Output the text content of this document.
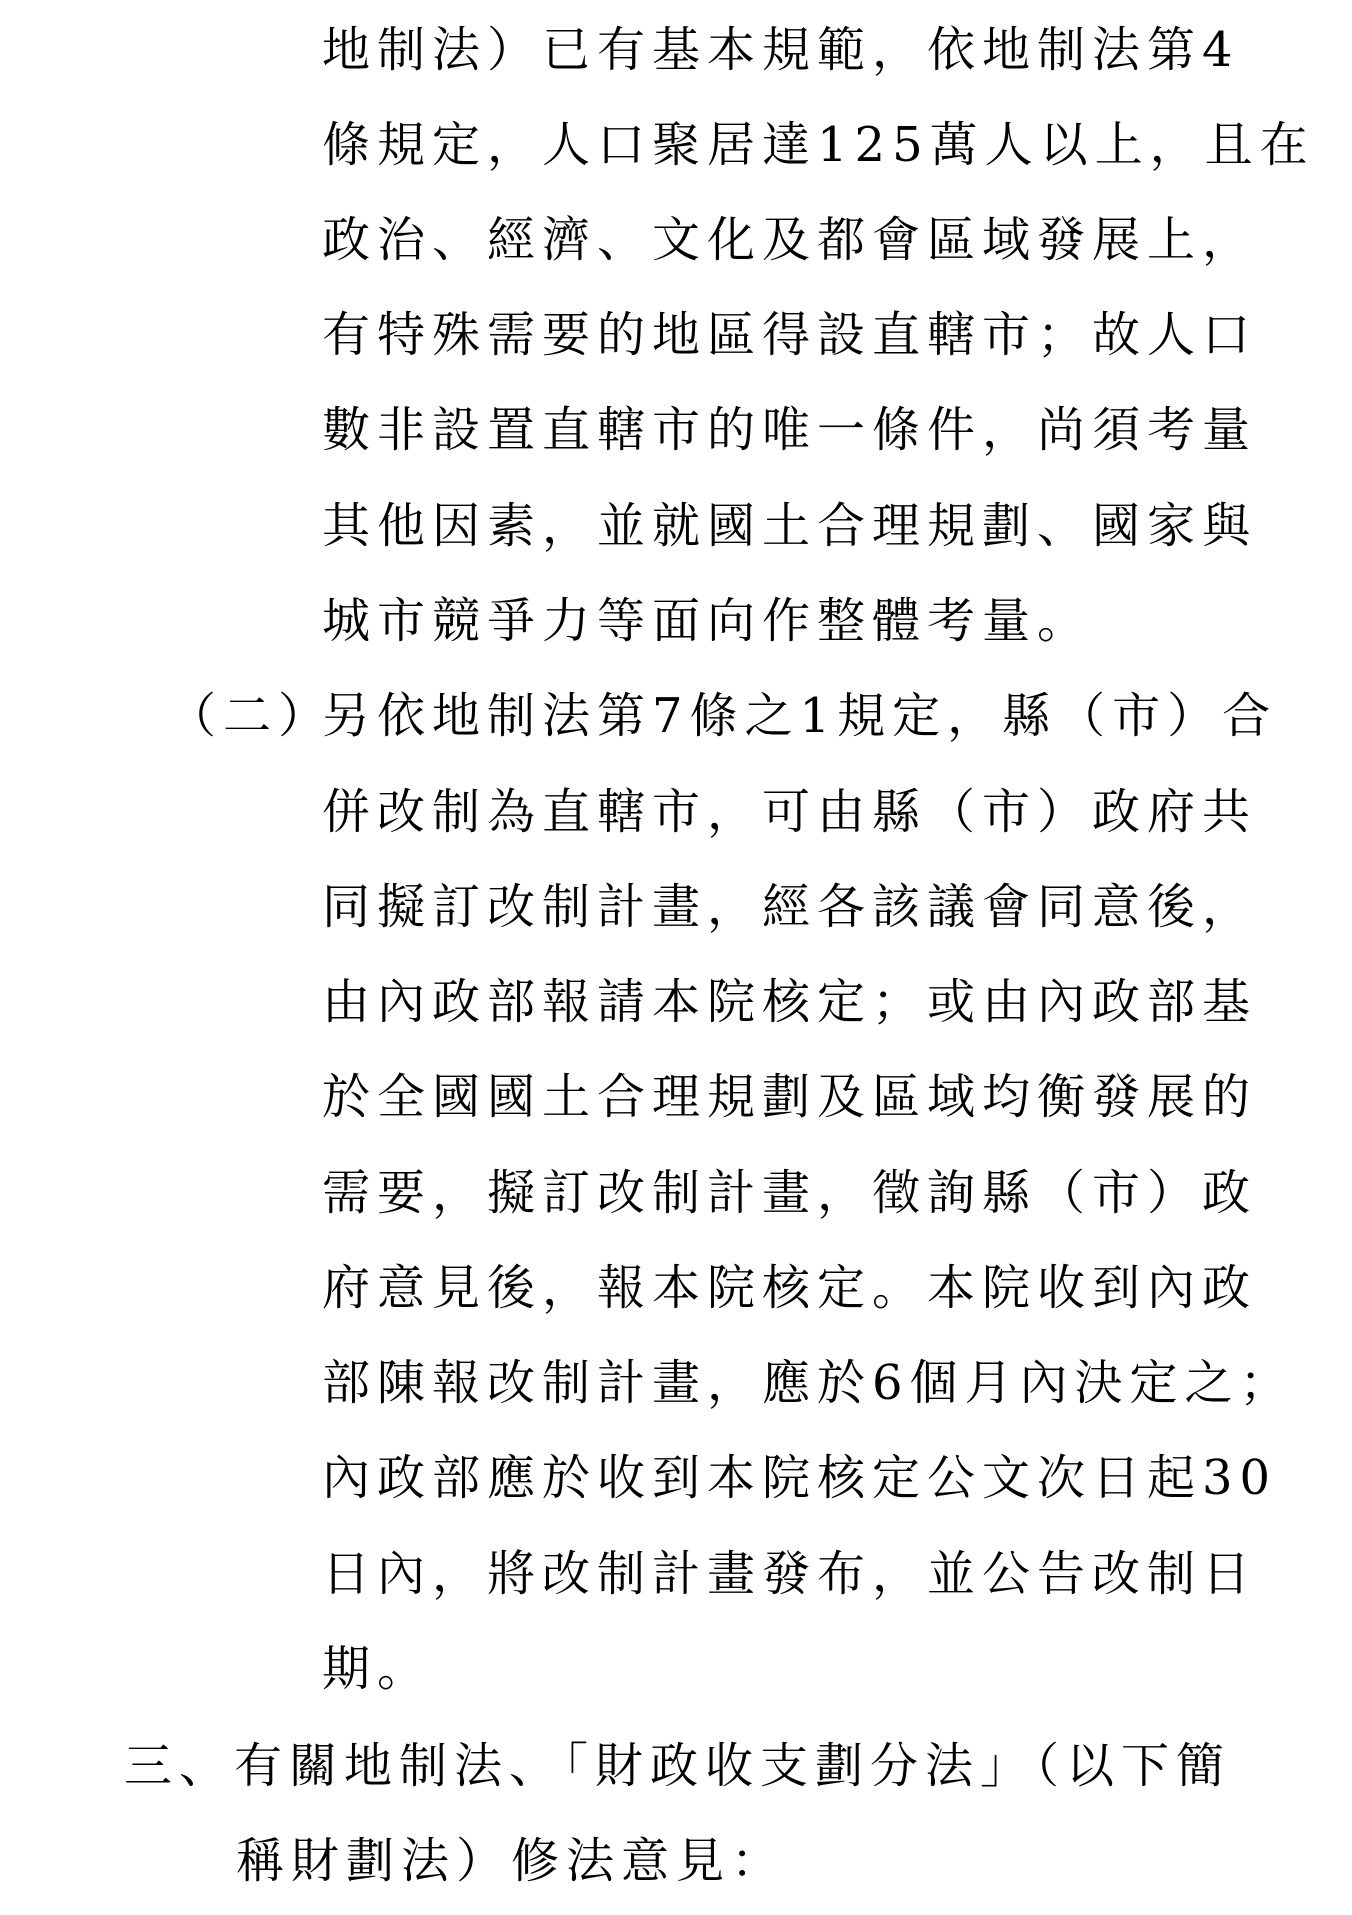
地制法）已有基本規範，依地制法第4
條規定，人口聚居達125萬人以上，且在
政治、經濟、文化及都會區域發展上，
有特殊需要的地區得設直轄市；故人口
數非設置直轄市的唯一條件，尚須考量
其他因素，並就國土合理規劃、國家與
城市競爭力等面向作整體考量。
（二）
另依地制法第7條之1規定，縣（市）合
併改制為直轄市，可由縣（市）政府共
同擬訂改制計畫，經各該議會同意後，
由內政部報請本院核定；或由內政部基
於全國國土合理規劃及區域均衡發展的
需要，擬訂改制計畫，徵詢縣（市）政
府意見後，報本院核定。本院收到內政
部陳報改制計畫，應於6個月內決定之；
內政部應於收到本院核定公文次日起30
日內，將改制計畫發布，並公告改制日
期。
三、有關地制法、「財政收支劃分法」（以下簡
稱財劃法）修法意見：
